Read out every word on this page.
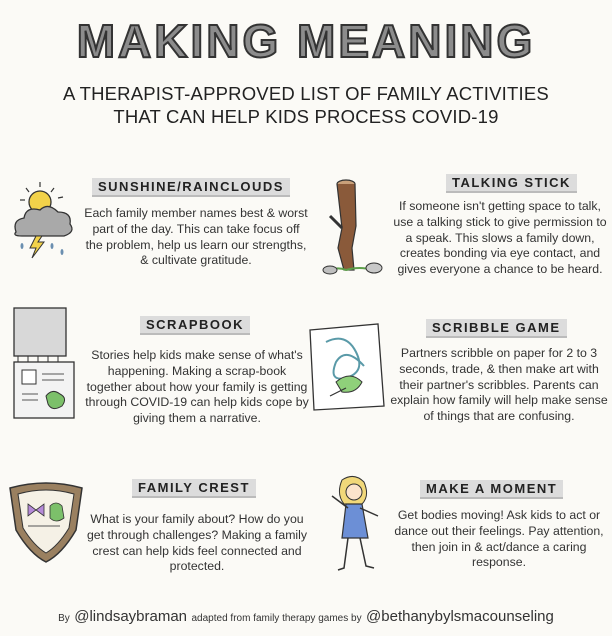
MAKING MEANING
A THERAPIST-APPROVED LIST OF FAMILY ACTIVITIES
THAT CAN HELP KIDS PROCESS COVID-19
SUNSHINE/RAINCLOUDS
Each family member names best & worst part of the day. This can take focus off the problem, help us learn our strengths, & cultivate gratitude.
TALKING STICK
If someone isn't getting space to talk, use a talking stick to give permission to a speak. This slows a family down, creates bonding via eye contact, and gives everyone a chance to be heard.
SCRAPBOOK
Stories help kids make sense of what's happening. Making a scrap-book together about how your family is getting through COVID-19 can help kids cope by giving them a narrative.
SCRIBBLE GAME
Partners scribble on paper for 2 to 3 seconds, trade, & then make art with their partner's scribbles. Parents can explain how family will help make sense of things that are confusing.
FAMILY CREST
What is your family about? How do you get through challenges? Making a family crest can help kids feel connected and protected.
MAKE A MOMENT
Get bodies moving! Ask kids to act or dance out their feelings. Pay attention, then join in & act/dance a caring response.
By @lindsaybraman adapted from family therapy games by @bethanybylsmacounseling
